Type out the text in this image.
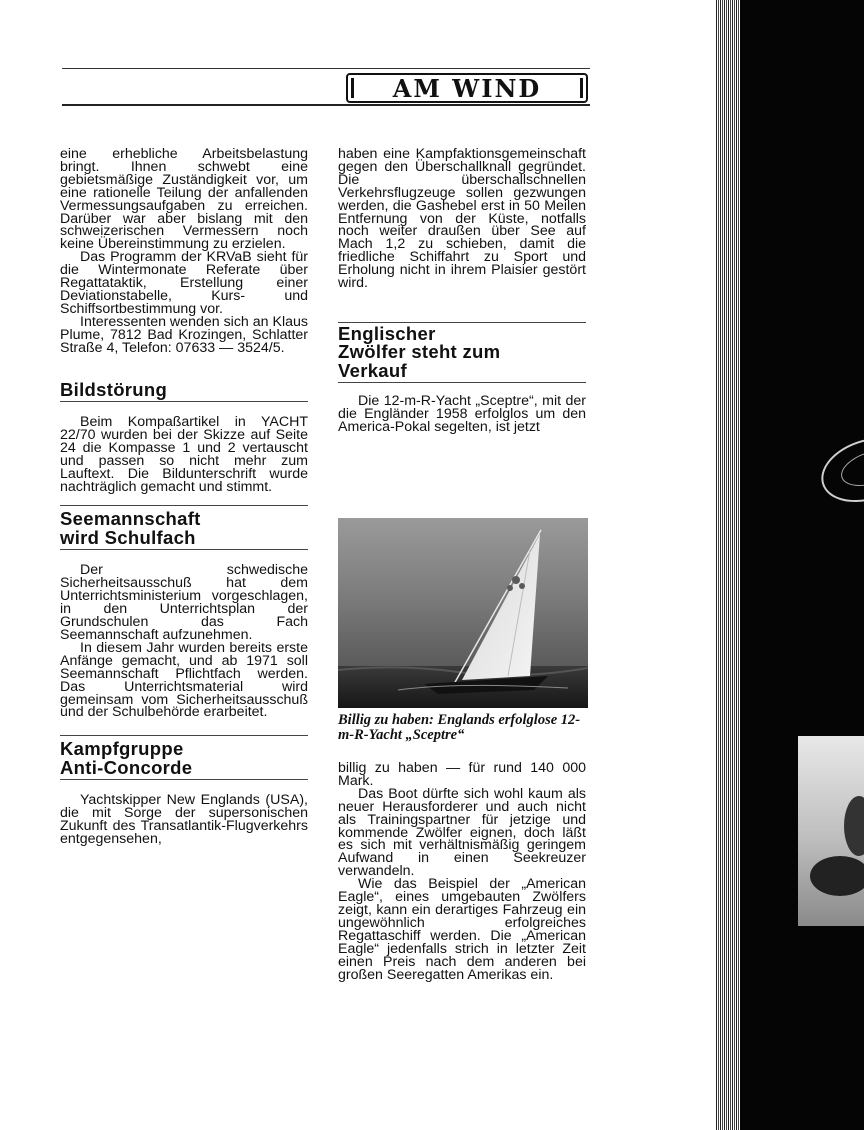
AM WIND

eine erhebliche Arbeitsbelastung bringt. Ihnen schwebt eine gebietsmäßige Zuständigkeit vor, um eine rationelle Teilung der anfallenden Vermessungsaufgaben zu erreichen. Darüber war aber bislang mit den schweizerischen Vermessern noch keine Übereinstimmung zu erzielen.

Das Programm der KRVaB sieht für die Wintermonate Referate über Regattataktik, Erstellung einer Deviationstabelle, Kurs- und Schiffsortbestimmung vor.

Interessenten wenden sich an Klaus Plume, 7812 Bad Krozingen, Schlatter Straße 4, Telefon: 07633 — 3524/5.

Bildstörung

Beim Kompaßartikel in YACHT 22/70 wurden bei der Skizze auf Seite 24 die Kompasse 1 und 2 vertauscht und passen so nicht mehr zum Lauftext. Die Bildunterschrift wurde nachträglich gemacht und stimmt.

Seemannschaft
wird Schulfach

Der schwedische Sicherheitsausschuß hat dem Unterrichtsministerium vorgeschlagen, in den Unterrichtsplan der Grundschulen das Fach Seemannschaft aufzunehmen.

In diesem Jahr wurden bereits erste Anfänge gemacht, und ab 1971 soll Seemannschaft Pflichtfach werden. Das Unterrichtsmaterial wird gemeinsam vom Sicherheitsausschuß und der Schulbehörde erarbeitet.

Kampfgruppe
Anti-Concorde

Yachtskipper New Englands (USA), die mit Sorge der supersonischen Zukunft des Transatlantik-Flugverkehrs entgegensehen,

haben eine Kampfaktionsgemeinschaft gegen den Überschallknall gegründet. Die überschallschnellen Verkehrsflugzeuge sollen gezwungen werden, die Gashebel erst in 50 Meilen Entfernung von der Küste, notfalls noch weiter draußen über See auf Mach 1,2 zu schieben, damit die friedliche Schiffahrt zu Sport und Erholung nicht in ihrem Plaisier gestört wird.

Englischer
Zwölfer steht zum
Verkauf

Die 12-m-R-Yacht „Sceptre“, mit der die Engländer 1958 erfolglos um den America-Pokal segelten, ist jetzt

Billig zu haben: Englands erfolglose 12-m-R-Yacht „Sceptre“

billig zu haben — für rund 140 000 Mark.

Das Boot dürfte sich wohl kaum als neuer Herausforderer und auch nicht als Trainingspartner für jetzige und kommende Zwölfer eignen, doch läßt es sich mit verhältnismäßig geringem Aufwand in einen Seekreuzer verwandeln.

Wie das Beispiel der „American Eagle“, eines umgebauten Zwölfers zeigt, kann ein derartiges Fahrzeug ein ungewöhnlich erfolgreiches Regattaschiff werden. Die „American Eagle“ jedenfalls strich in letzter Zeit einen Preis nach dem anderen bei großen Seeregatten Amerikas ein.
